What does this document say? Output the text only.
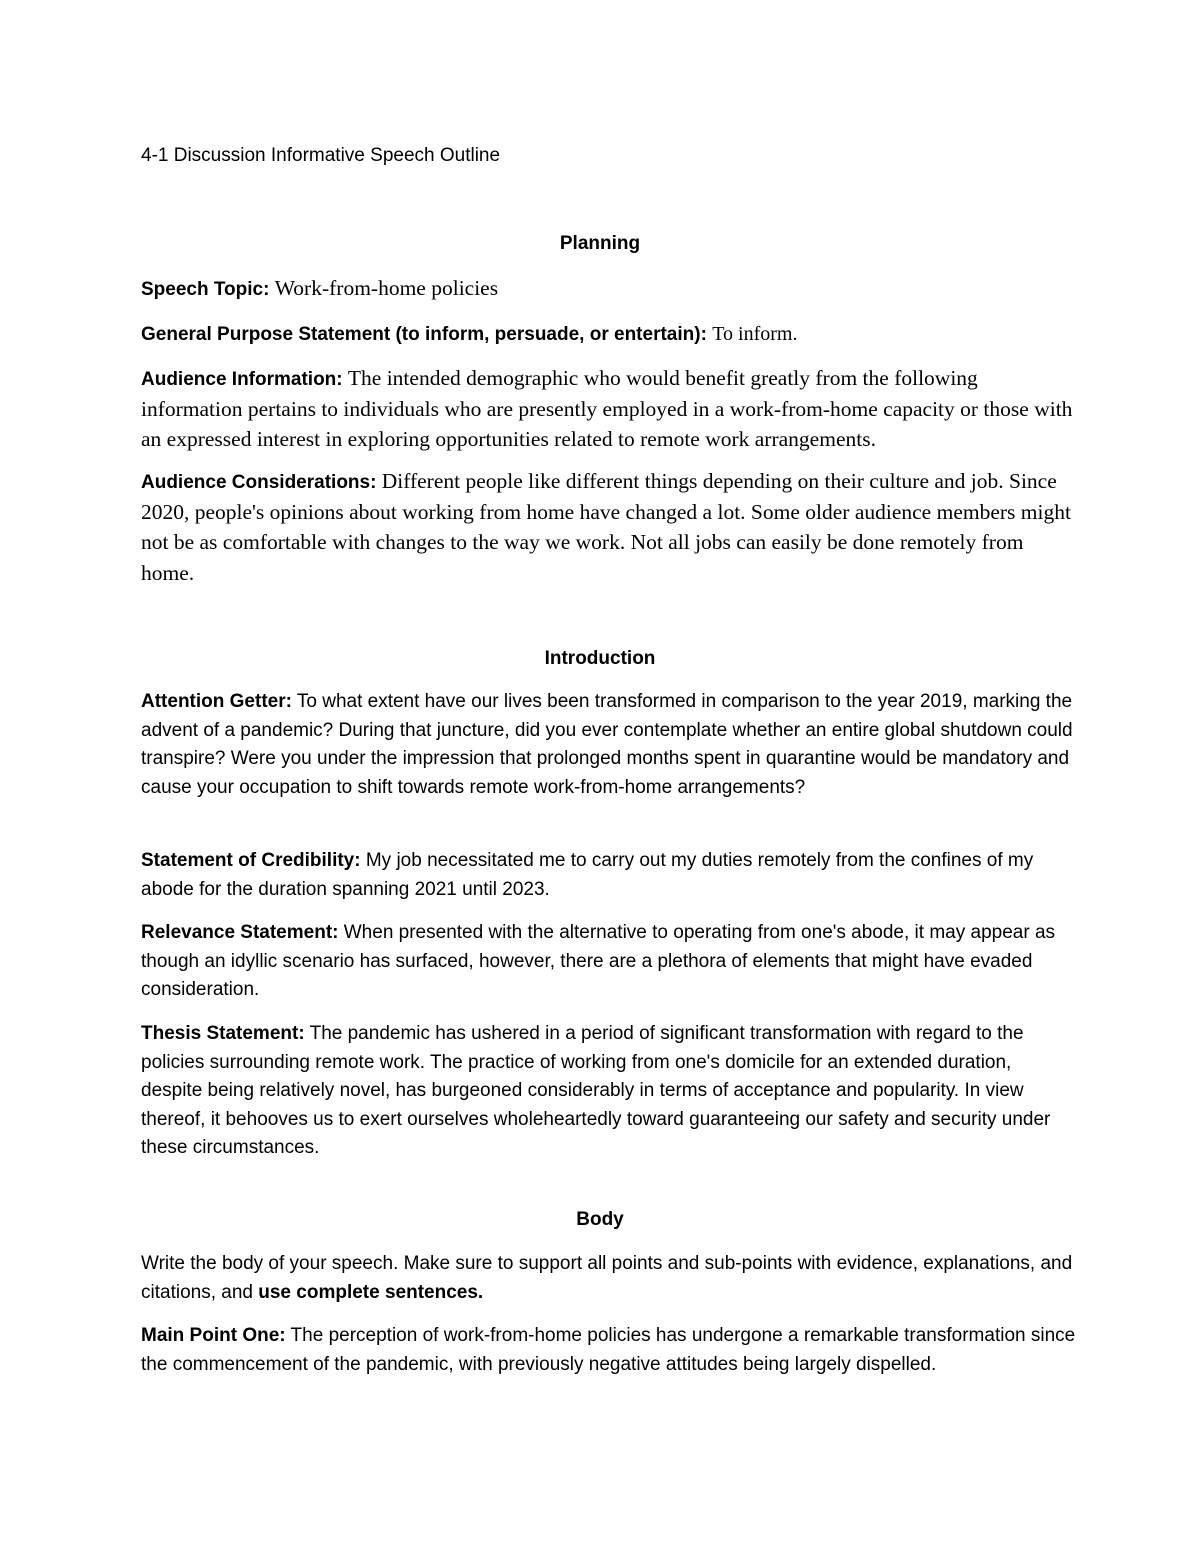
4-1 Discussion Informative Speech Outline
Planning
Speech Topic: Work-from-home policies
General Purpose Statement (to inform, persuade, or entertain): To inform.
Audience Information: The intended demographic who would benefit greatly from the following information pertains to individuals who are presently employed in a work-from-home capacity or those with an expressed interest in exploring opportunities related to remote work arrangements.
Audience Considerations: Different people like different things depending on their culture and job. Since 2020, people's opinions about working from home have changed a lot. Some older audience members might not be as comfortable with changes to the way we work. Not all jobs can easily be done remotely from home.
Introduction
Attention Getter: To what extent have our lives been transformed in comparison to the year 2019, marking the advent of a pandemic? During that juncture, did you ever contemplate whether an entire global shutdown could transpire? Were you under the impression that prolonged months spent in quarantine would be mandatory and cause your occupation to shift towards remote work-from-home arrangements?
Statement of Credibility: My job necessitated me to carry out my duties remotely from the confines of my abode for the duration spanning 2021 until 2023.
Relevance Statement: When presented with the alternative to operating from one's abode, it may appear as though an idyllic scenario has surfaced, however, there are a plethora of elements that might have evaded consideration.
Thesis Statement: The pandemic has ushered in a period of significant transformation with regard to the policies surrounding remote work. The practice of working from one's domicile for an extended duration, despite being relatively novel, has burgeoned considerably in terms of acceptance and popularity. In view thereof, it behooves us to exert ourselves wholeheartedly toward guaranteeing our safety and security under these circumstances.
Body
Write the body of your speech. Make sure to support all points and sub-points with evidence, explanations, and citations, and use complete sentences.
Main Point One: The perception of work-from-home policies has undergone a remarkable transformation since the commencement of the pandemic, with previously negative attitudes being largely dispelled.
